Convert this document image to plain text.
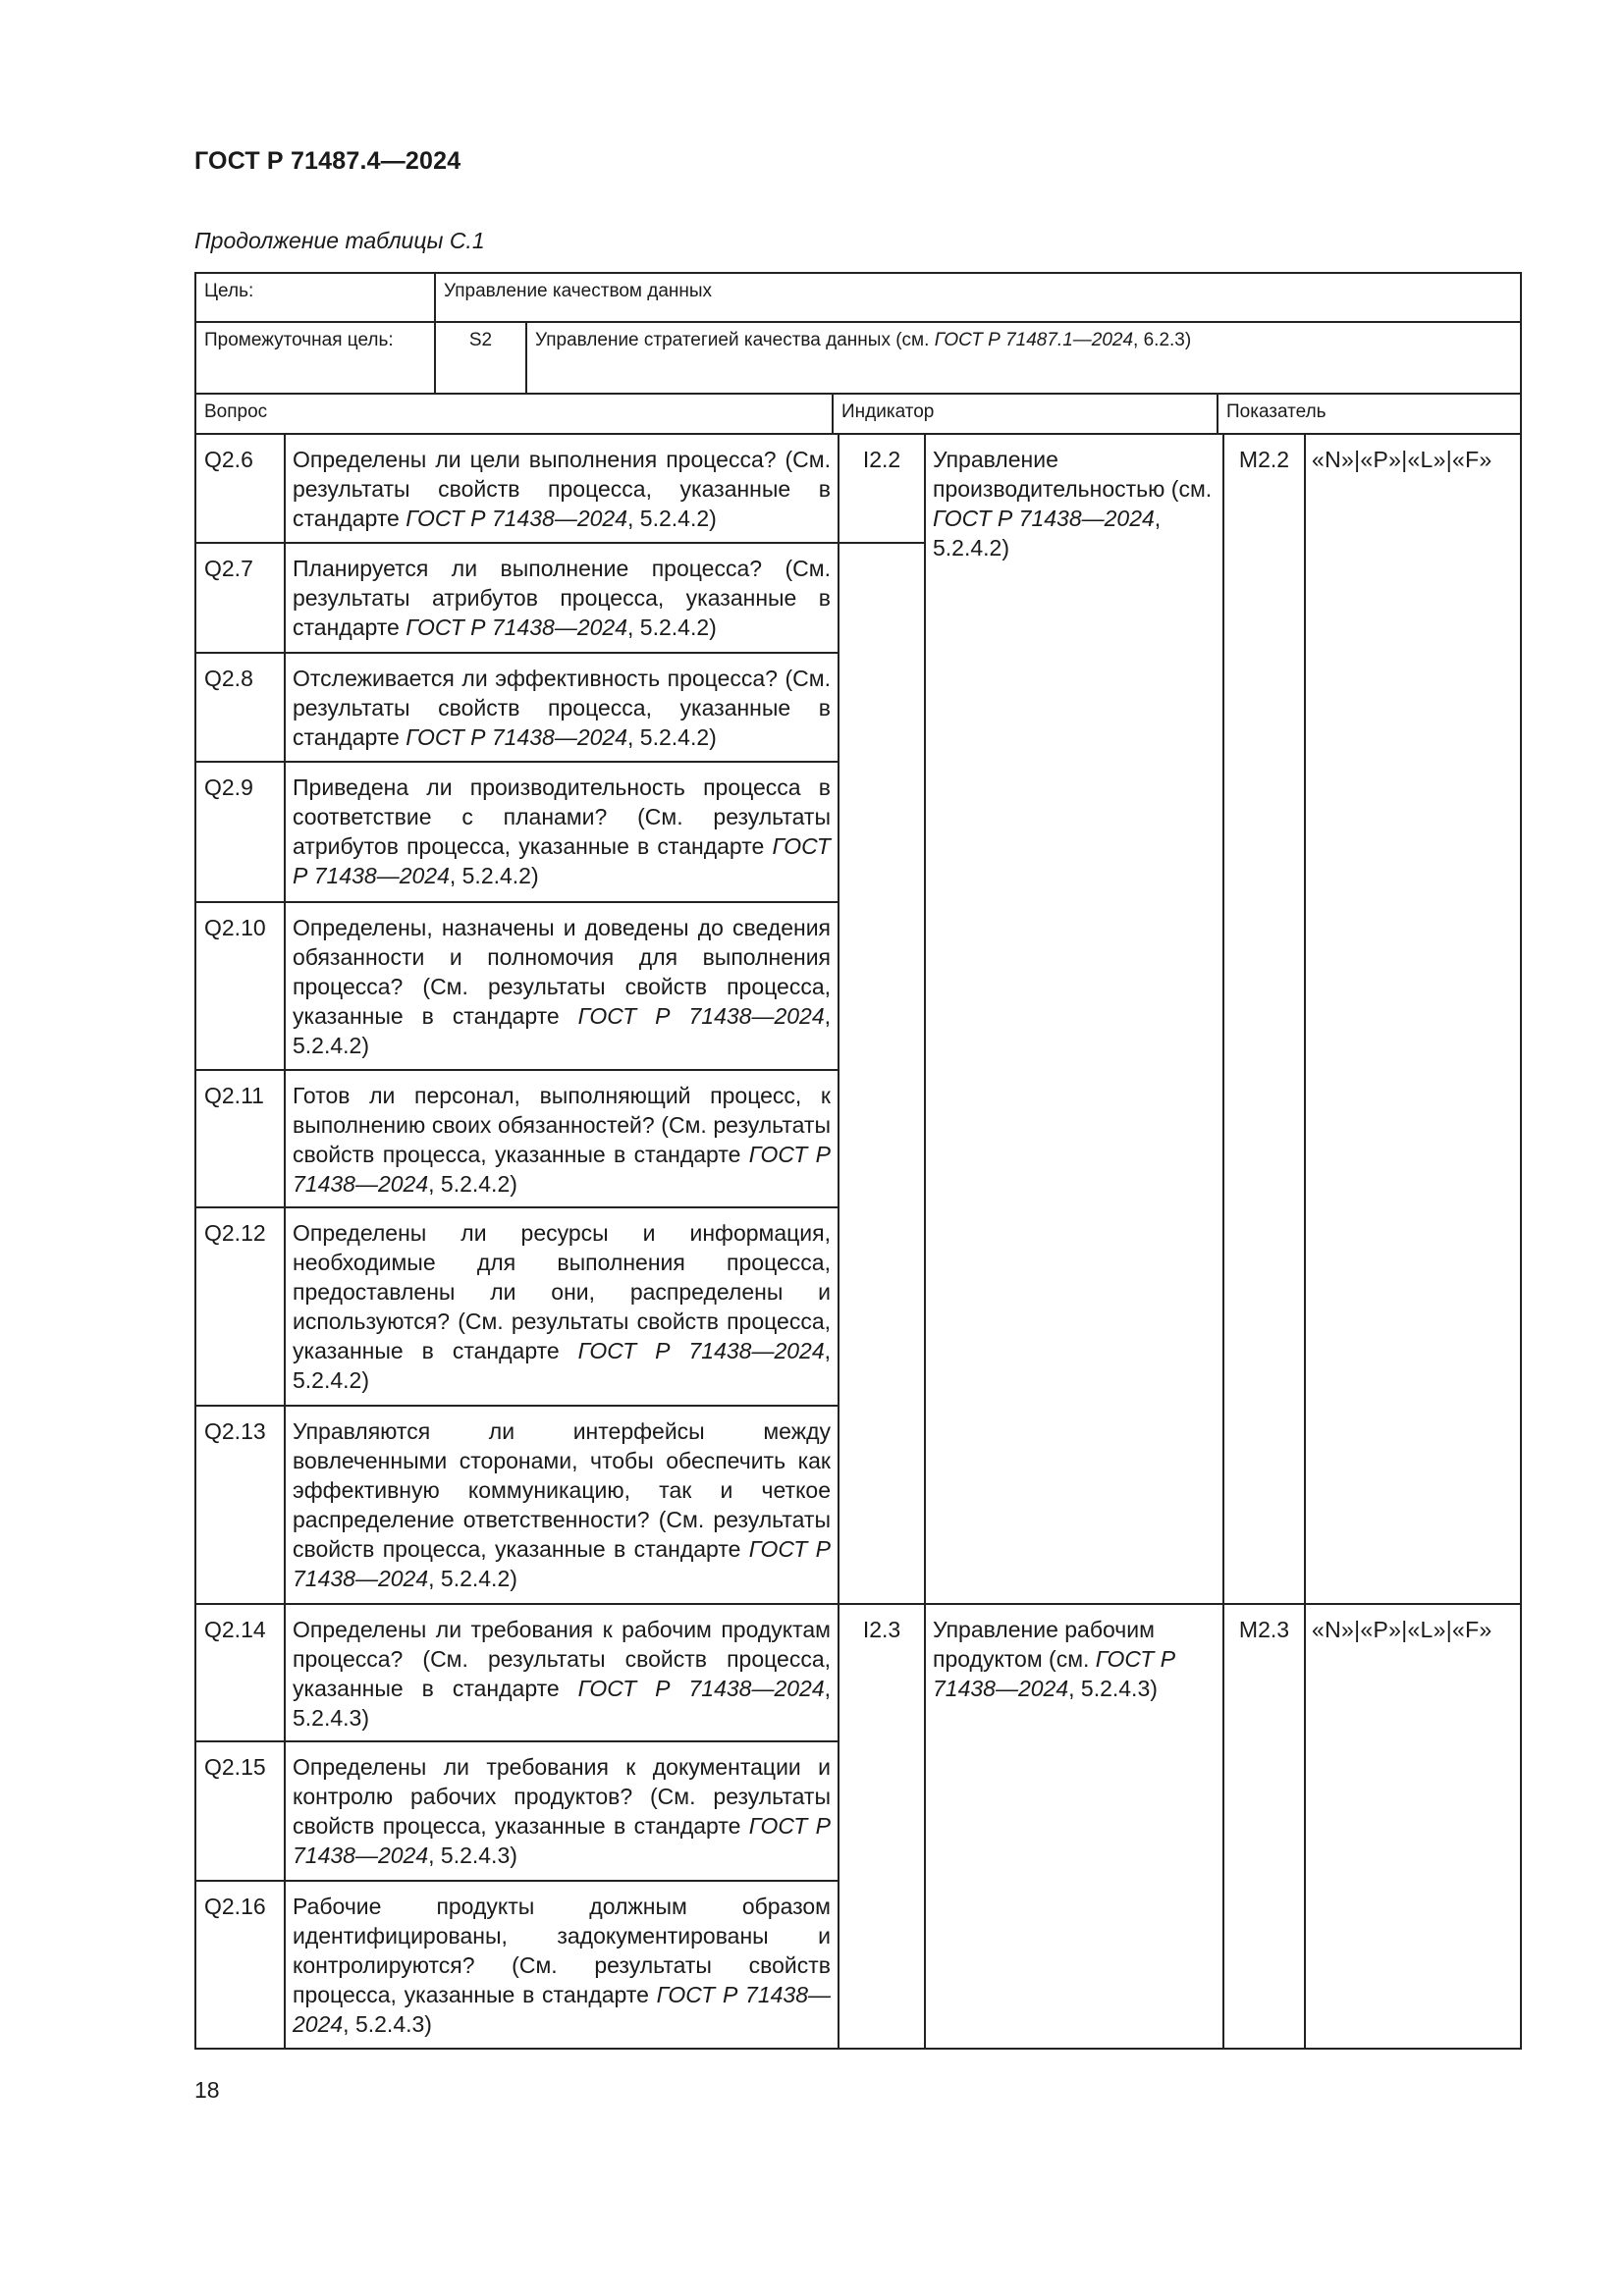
ГОСТ Р 71487.4—2024
Продолжение таблицы С.1
Цель:	Управление качеством данных			
Промежуточная цель:	S2	Управление стратегией качества данных (см. ГОСТ Р 71487.1—2024, 6.2.3)		
Вопрос			Индикатор	Показатель
Q2.6	Определены ли цели выполнения процесса? (См. результаты свойств процесса, указанные в стандарте ГОСТ Р 71438—2024, 5.2.4.2)	I2.2	Управление производительностью (см. ГОСТ Р 71438—2024, 5.2.4.2)	M2.2	«N»|«P»|«L»|«F»
Q2.7	Планируется ли выполнение процесса? (См. результаты атрибутов процесса, указанные в стандарте ГОСТ Р 71438—2024, 5.2.4.2)				
Q2.8	Отслеживается ли эффективность процесса? (См. результаты свойств процесса, указанные в стандарте ГОСТ Р 71438—2024, 5.2.4.2)				
Q2.9	Приведена ли производительность процесса в соответствие с планами? (См. результаты атрибутов процесса, указанные в стандарте ГОСТ Р 71438—2024, 5.2.4.2)				
Q2.10	Определены, назначены и доведены до сведения обязанности и полномочия для выполнения процесса? (См. результаты свойств процесса, указанные в стандарте ГОСТ Р 71438—2024, 5.2.4.2)				
Q2.11	Готов ли персонал, выполняющий процесс, к выполнению своих обязанностей? (См. результаты свойств процесса, указанные в стандарте ГОСТ Р 71438—2024, 5.2.4.2)				
Q2.12	Определены ли ресурсы и информация, необходимые для выполнения процесса, предоставлены ли они, распределены и используются? (См. результаты свойств процесса, указанные в стандарте ГОСТ Р 71438—2024, 5.2.4.2)				
Q2.13	Управляются ли интерфейсы между вовлеченными сторонами, чтобы обеспечить как эффективную коммуникацию, так и четкое распределение ответственности? (См. результаты свойств процесса, указанные в стандарте ГОСТ Р 71438—2024, 5.2.4.2)				
Q2.14	Определены ли требования к рабочим продуктам процесса? (См. результаты свойств процесса, указанные в стандарте ГОСТ Р 71438—2024, 5.2.4.3)	I2.3	Управление рабочим продуктом (см. ГОСТ Р 71438—2024, 5.2.4.3)	M2.3	«N»|«P»|«L»|«F»
Q2.15	Определены ли требования к документации и контролю рабочих продуктов? (См. результаты свойств процесса, указанные в стандарте ГОСТ Р 71438—2024, 5.2.4.3)				
Q2.16	Рабочие продукты должным образом идентифицированы, задокументированы и контролируются? (См. результаты свойств процесса, указанные в стандарте ГОСТ Р 71438—2024, 5.2.4.3)				
18
